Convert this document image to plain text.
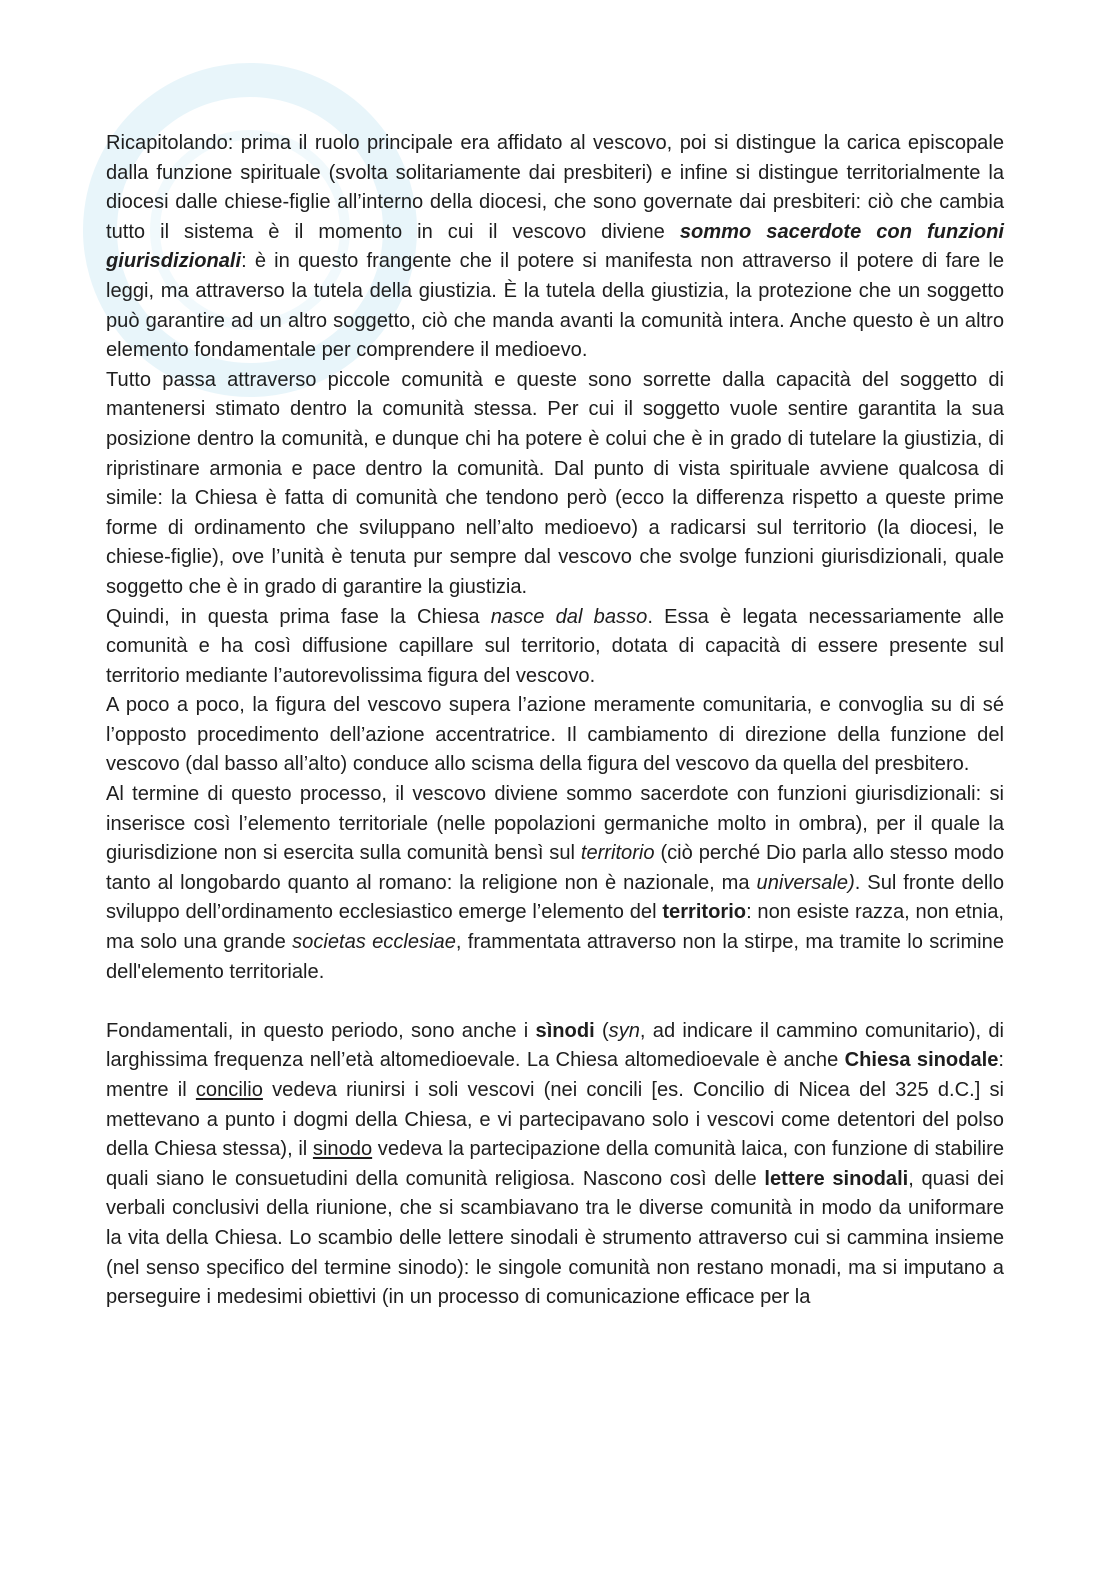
Ricapitolando: prima il ruolo principale era affidato al vescovo, poi si distingue la carica episcopale dalla funzione spirituale (svolta solitariamente dai presbiteri) e infine si distingue territorialmente la diocesi dalle chiese-figlie all’interno della diocesi, che sono governate dai presbiteri: ciò che cambia tutto il sistema è il momento in cui il vescovo diviene sommo sacerdote con funzioni giurisdizionali: è in questo frangente che il potere si manifesta non attraverso il potere di fare le leggi, ma attraverso la tutela della giustizia. È la tutela della giustizia, la protezione che un soggetto può garantire ad un altro soggetto, ciò che manda avanti la comunità intera. Anche questo è un altro elemento fondamentale per comprendere il medioevo.

Tutto passa attraverso piccole comunità e queste sono sorrette dalla capacità del soggetto di mantenersi stimato dentro la comunità stessa. Per cui il soggetto vuole sentire garantita la sua posizione dentro la comunità, e dunque chi ha potere è colui che è in grado di tutelare la giustizia, di ripristinare armonia e pace dentro la comunità. Dal punto di vista spirituale avviene qualcosa di simile: la Chiesa è fatta di comunità che tendono però (ecco la differenza rispetto a queste prime forme di ordinamento che sviluppano nell’alto medioevo) a radicarsi sul territorio (la diocesi, le chiese-figlie), ove l’unità è tenuta pur sempre dal vescovo che svolge funzioni giurisdizionali, quale soggetto che è in grado di garantire la giustizia.

Quindi, in questa prima fase la Chiesa nasce dal basso. Essa è legata necessariamente alle comunità e ha così diffusione capillare sul territorio, dotata di capacità di essere presente sul territorio mediante l’autorevolissima figura del vescovo.

A poco a poco, la figura del vescovo supera l’azione meramente comunitaria, e convoglia su di sé l’opposto procedimento dell’azione accentratrice. Il cambiamento di direzione della funzione del vescovo (dal basso all’alto) conduce allo scisma della figura del vescovo da quella del presbitero.

Al termine di questo processo, il vescovo diviene sommo sacerdote con funzioni giurisdizionali: si inserisce così l’elemento territoriale (nelle popolazioni germaniche molto in ombra), per il quale la giurisdizione non si esercita sulla comunità bensì sul territorio (ciò perché Dio parla allo stesso modo tanto al longobardo quanto al romano: la religione non è nazionale, ma universale). Sul fronte dello sviluppo dell’ordinamento ecclesiastico emerge l’elemento del territorio: non esiste razza, non etnia, ma solo una grande societas ecclesiae, frammentata attraverso non la stirpe, ma tramite lo scrimine dell'elemento territoriale.

Fondamentali, in questo periodo, sono anche i sìnodi (syn, ad indicare il cammino comunitario), di larghissima frequenza nell’età altomedioevale. La Chiesa altomedioevale è anche Chiesa sinodale: mentre il concilio vedeva riunirsi i soli vescovi (nei concili [es. Concilio di Nicea del 325 d.C.] si mettevano a punto i dogmi della Chiesa, e vi partecipavano solo i vescovi come detentori del polso della Chiesa stessa), il sinodo vedeva la partecipazione della comunità laica, con funzione di stabilire quali siano le consuetudini della comunità religiosa. Nascono così delle lettere sinodali, quasi dei verbali conclusivi della riunione, che si scambiavano tra le diverse comunità in modo da uniformare la vita della Chiesa. Lo scambio delle lettere sinodali è strumento attraverso cui si cammina insieme (nel senso specifico del termine sinodo): le singole comunità non restano monadi, ma si imputano a perseguire i medesimi obiettivi (in un processo di comunicazione efficace per la
